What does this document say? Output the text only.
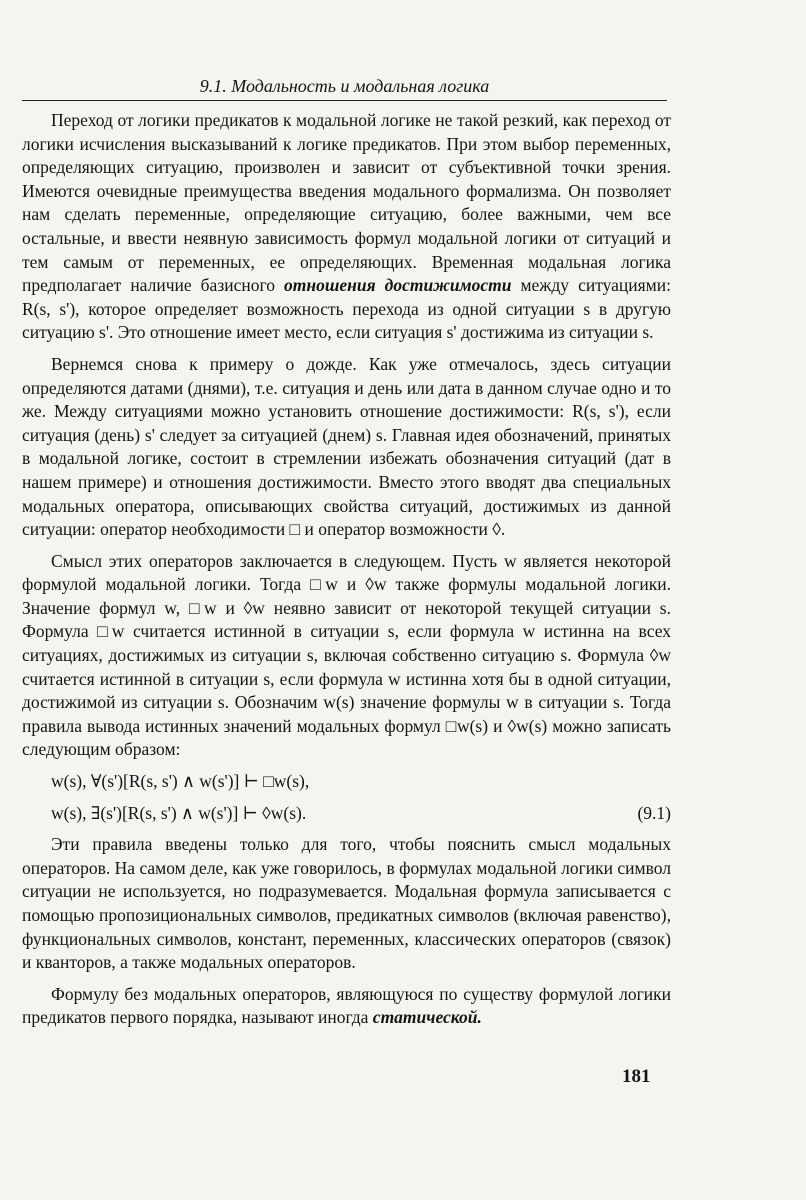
9.1. Модальность и модальная логика

Переход от логики предикатов к модальной логике не такой резкий, как переход от логики исчисления высказываний к логике предикатов. При этом выбор переменных, определяющих ситуацию, произволен и зависит от субъективной точки зрения. Имеются очевидные преимущества введения модального формализма. Он позволяет нам сделать переменные, определяющие ситуацию, более важными, чем все остальные, и ввести неявную зависимость формул модальной логики от ситуаций и тем самым от переменных, ее определяющих. Временная модальная логика предполагает наличие базисного отношения достижимости между ситуациями: R(s, s'), которое определяет возможность перехода из одной ситуации s в другую ситуацию s'. Это отношение имеет место, если ситуация s' достижима из ситуации s.

Вернемся снова к примеру о дожде. Как уже отмечалось, здесь ситуации определяются датами (днями), т.е. ситуация и день или дата в данном случае одно и то же. Между ситуациями можно установить отношение достижимости: R(s, s'), если ситуация (день) s' следует за ситуацией (днем) s. Главная идея обозначений, принятых в модальной логике, состоит в стремлении избежать обозначения ситуаций (дат в нашем примере) и отношения достижимости. Вместо этого вводят два специальных модальных оператора, описывающих свойства ситуаций, достижимых из данной ситуации: оператор необходимости □ и оператор возможности ◊.

Смысл этих операторов заключается в следующем. Пусть w является некоторой формулой модальной логики. Тогда □w и ◊w также формулы модальной логики. Значение формул w, □w и ◊w неявно зависит от некоторой текущей ситуации s. Формула □w считается истинной в ситуации s, если формула w истинна на всех ситуациях, достижимых из ситуации s, включая собственно ситуацию s. Формула ◊w считается истинной в ситуации s, если формула w истинна хотя бы в одной ситуации, достижимой из ситуации s. Обозначим w(s) значение формулы w в ситуации s. Тогда правила вывода истинных значений модальных формул □w(s) и ◊w(s) можно записать следующим образом:

w(s), ∀(s')[R(s, s') ∧ w(s')] ⊢ □w(s),

w(s), ∃(s')[R(s, s') ∧ w(s')] ⊢ ◊w(s).	(9.1)

Эти правила введены только для того, чтобы пояснить смысл модальных операторов. На самом деле, как уже говорилось, в формулах модальной логики символ ситуации не используется, но подразумевается. Модальная формула записывается с помощью пропозициональных символов, предикатных символов (включая равенство), функциональных символов, констант, переменных, классических операторов (связок) и кванторов, а также модальных операторов.

Формулу без модальных операторов, являющуюся по существу формулой логики предикатов первого порядка, называют иногда статической.

181
